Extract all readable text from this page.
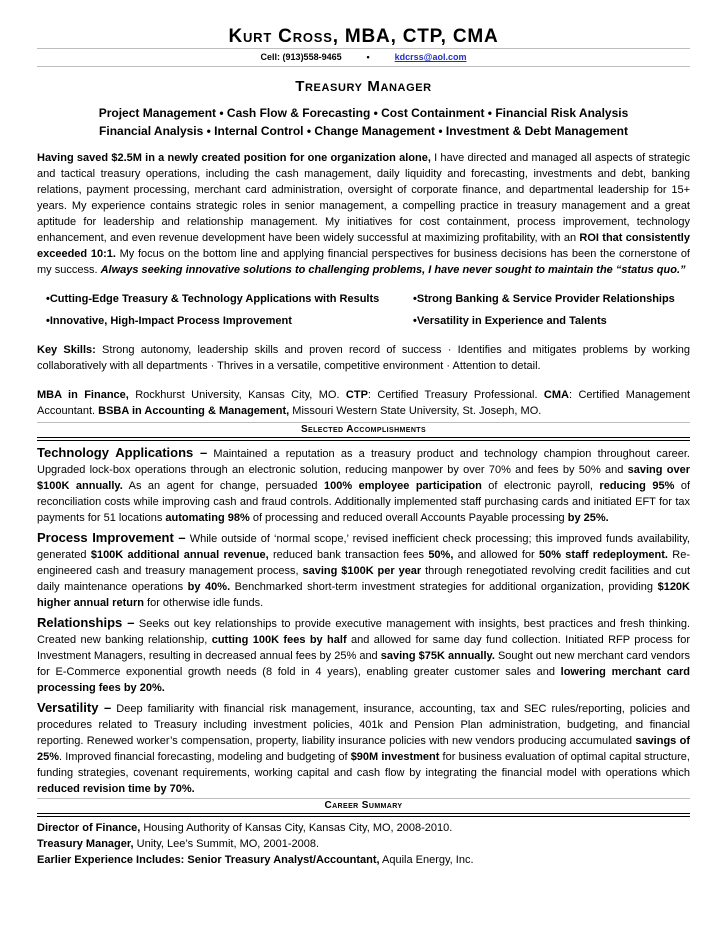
Kurt Cross, MBA, CTP, CMA
Cell: (913)558-9465	•	kdcrss@aol.com
Treasury Manager
Project Management • Cash Flow & Forecasting • Cost Containment • Financial Risk Analysis
Financial Analysis • Internal Control • Change Management • Investment & Debt Management

Having saved $2.5M in a newly created position for one organization alone, I have directed and managed all aspects of strategic and tactical treasury operations, including the cash management, daily liquidity and forecasting, investments and debt, banking relations, payment processing, merchant card administration, oversight of corporate finance, and departmental leadership for 15+ years. My experience contains strategic roles in senior management, a compelling practice in treasury management and a great aptitude for leadership and relationship management. My initiatives for cost containment, process improvement, technology enhancement, and even revenue development have been widely successful at maximizing profitability, with an ROI that consistently exceeded 10:1. My focus on the bottom line and applying financial perspectives for business decisions has been the cornerstone of my success. Always seeking innovative solutions to challenging problems, I have never sought to maintain the “status quo.”

•Cutting-Edge Treasury & Technology Applications with Results	•Strong Banking & Service Provider Relationships
•Innovative, High-Impact Process Improvement	•Versatility in Experience and Talents

Key Skills: Strong autonomy, leadership skills and proven record of success · Identifies and mitigates problems by working collaboratively with all departments · Thrives in a versatile, competitive environment · Attention to detail.

MBA in Finance, Rockhurst University, Kansas City, MO. CTP: Certified Treasury Professional. CMA: Certified Management Accountant. BSBA in Accounting & Management, Missouri Western State University, St. Joseph, MO.

Selected Accomplishments

Technology Applications – Maintained a reputation as a treasury product and technology champion throughout career. Upgraded lock-box operations through an electronic solution, reducing manpower by over 70% and fees by 50% and saving over $100K annually. As an agent for change, persuaded 100% employee participation of electronic payroll, reducing 95% of reconciliation costs while improving cash and fraud controls. Additionally implemented staff purchasing cards and initiated EFT for tax payments for 51 locations automating 98% of processing and reduced overall Accounts Payable processing by 25%.

Process Improvement – While outside of ‘normal scope,’ revised inefficient check processing; this improved funds availability, generated $100K additional annual revenue, reduced bank transaction fees 50%, and allowed for 50% staff redeployment. Re-engineered cash and treasury management process, saving $100K per year through renegotiated revolving credit facilities and cut daily maintenance operations by 40%. Benchmarked short-term investment strategies for additional organization, providing $120K higher annual return for otherwise idle funds.

Relationships – Seeks out key relationships to provide executive management with insights, best practices and fresh thinking. Created new banking relationship, cutting 100K fees by half and allowed for same day fund collection. Initiated RFP process for Investment Managers, resulting in decreased annual fees by 25% and saving $75K annually. Sought out new merchant card vendors for E-Commerce exponential growth needs (8 fold in 4 years), enabling greater customer sales and lowering merchant card processing fees by 20%.

Versatility – Deep familiarity with financial risk management, insurance, accounting, tax and SEC rules/reporting, policies and procedures related to Treasury including investment policies, 401k and Pension Plan administration, budgeting, and financial reporting. Renewed worker’s compensation, property, liability insurance policies with new vendors producing accumulated savings of 25%. Improved financial forecasting, modeling and budgeting of $90M investment for business evaluation of optimal capital structure, funding strategies, covenant requirements, working capital and cash flow by integrating the financial model with operations which reduced revision time by 70%.

Career Summary
Director of Finance, Housing Authority of Kansas City, Kansas City, MO, 2008-2010.
Treasury Manager, Unity, Lee’s Summit, MO, 2001-2008.
Earlier Experience Includes: Senior Treasury Analyst/Accountant, Aquila Energy, Inc.
